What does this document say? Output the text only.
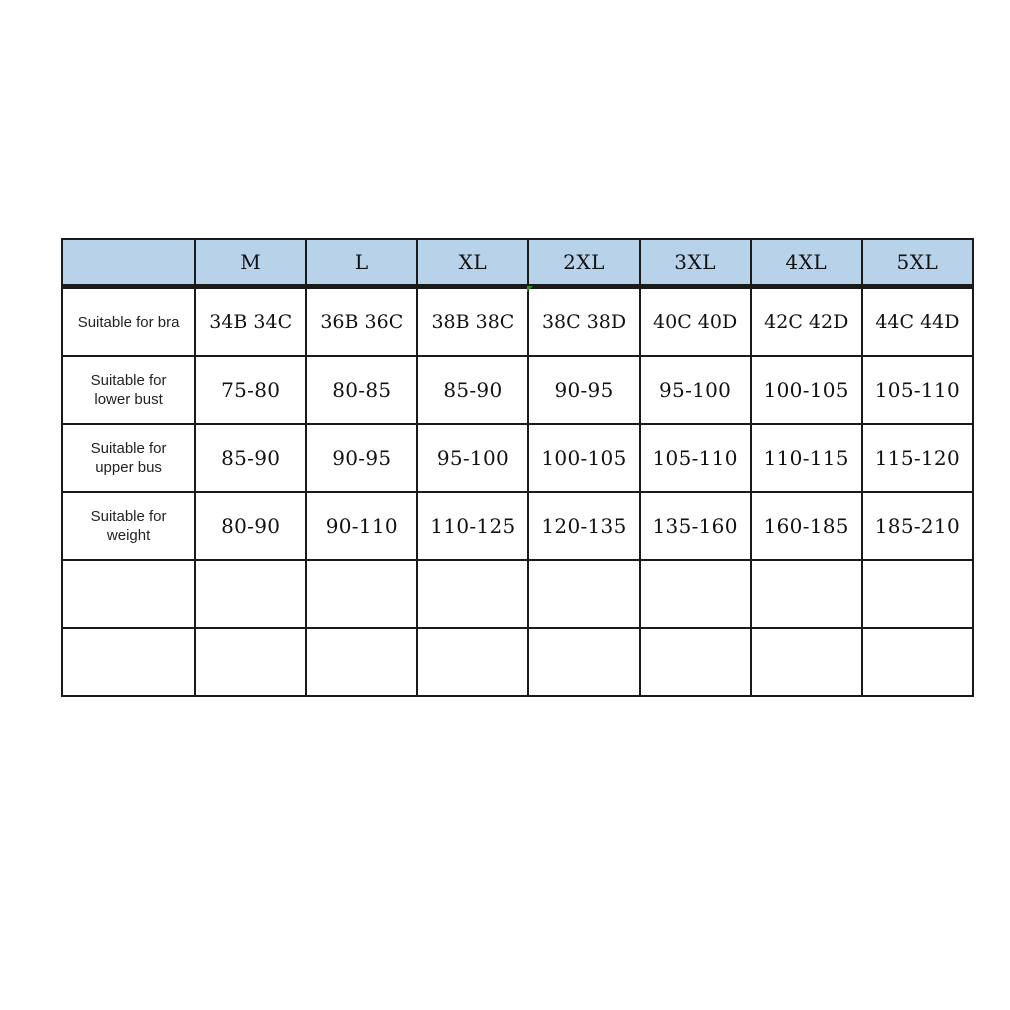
	M	L	XL	2XL	3XL	4XL	5XL
Suitable for bra	34B 34C	36B 36C	38B 38C	38C 38D	40C 40D	42C 42D	44C 44D
Suitable for
lower bust	75-80	80-85	85-90	90-95	95-100	100-105	105-110
Suitable for
upper bus	85-90	90-95	95-100	100-105	105-110	110-115	115-120
Suitable for
weight	80-90	90-110	110-125	120-135	135-160	160-185	185-210
